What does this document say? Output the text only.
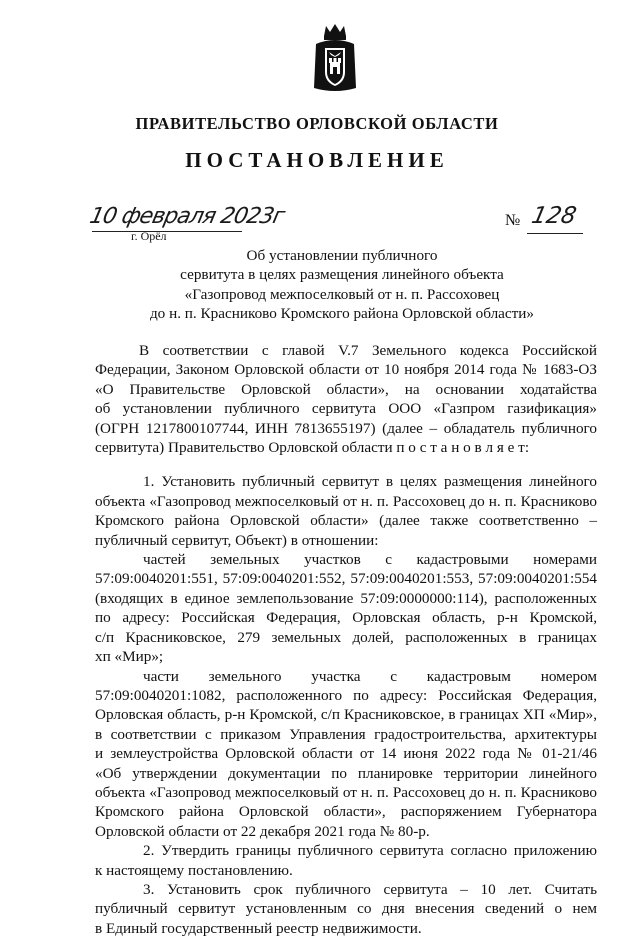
ПРАВИТЕЛЬСТВО ОРЛОВСКОЙ ОБЛАСТИ
ПОСТАНОВЛЕНИЕ
10 февраля 2023г
г. Орёл
№ 128
Об установлении публичного
сервитута в целях размещения линейного объекта
«Газопровод межпоселковый от н. п. Рассоховец
до н. п. Красниково Кромского района Орловской области»
В соответствии с главой V.7 Земельного кодекса Российской
Федерации, Законом Орловской области от 10 ноября 2014 года № 1683-ОЗ
«О Правительстве Орловской области», на основании ходатайства
об установлении публичного сервитута ООО «Газпром газификация»
(ОГРН 1217800107744, ИНН 7813655197) (далее – обладатель публичного
сервитута) Правительство Орловской области п о с т а н о в л я е т:
1. Установить публичный сервитут в целях размещения линейного
объекта «Газопровод межпоселковый от н. п. Рассоховец до н. п. Красниково
Кромского района Орловской области» (далее также соответственно –
публичный сервитут, Объект) в отношении:
частей земельных участков с кадастровыми номерами
57:09:0040201:551, 57:09:0040201:552, 57:09:0040201:553, 57:09:0040201:554
(входящих в единое землепользование 57:09:0000000:114), расположенных
по адресу: Российская Федерация, Орловская область, р-н Кромской,
с/п Красниковское, 279 земельных долей, расположенных в границах
хп «Мир»;
части земельного участка с кадастровым номером
57:09:0040201:1082, расположенного по адресу: Российская Федерация,
Орловская область, р-н Кромской, с/п Красниковское, в границах ХП «Мир»,
в соответствии с приказом Управления градостроительства, архитектуры
и землеустройства Орловской области от 14 июня 2022 года № 01-21/46
«Об утверждении документации по планировке территории линейного
объекта «Газопровод межпоселковый от н. п. Рассоховец до н. п. Красниково
Кромского района Орловской области», распоряжением Губернатора
Орловской области от 22 декабря 2021 года № 80-р.
2. Утвердить границы публичного сервитута согласно приложению
к настоящему постановлению.
3. Установить срок публичного сервитута – 10 лет. Считать
публичный сервитут установленным со дня внесения сведений о нем
в Единый государственный реестр недвижимости.
